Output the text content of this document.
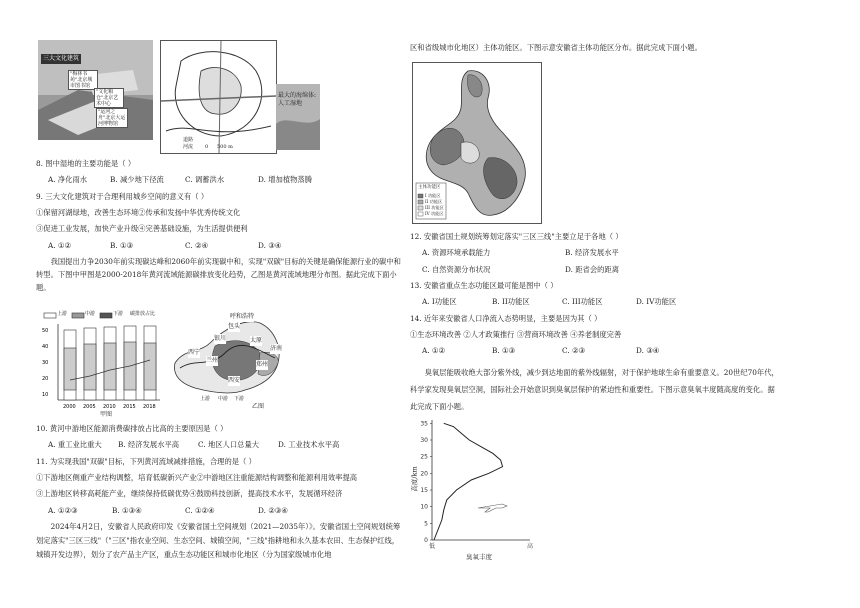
三大文化建筑
"梅林书苑"北京城市图书馆
"文化粮仓"北京艺术中心
"运河之舟"北京大运河博物馆
道路
河流 0 500 m
最大的海绵体:
人工湿地
8. 图中湿地的主要功能是（ ）
A. 净化雨水	B. 减少地下径流	C. 调蓄洪水	D. 增加植物蒸腾
9. 三大文化建筑对于合理利用城乡空间的意义有（ ）
①保留河湖绿地，改善生态环境②传承和发扬中华优秀传统文化
③促进工业发展，加快产业升级④完善基础设施，为生活提供便利
A. ①②	B. ①③	C. ②④	D. ③④
我国提出力争2030年前实现碳达峰和2060年前实现碳中和，实现"双碳"目标的关键是确保能源行业的碳中和转型。下图中甲图是2000-2018年黄河流域能源碳排放变化趋势，乙图是黄河流域地理分布图。据此完成下面小题。
50
40
30
20
10
2000 2005 2010 2015 2018
上游	中游	下游 碳排放占比
甲图
呼和浩特
包头
银川
兰州
西宁
太原
郑州
西安
济南
上游 中游 下游
乙图
10. 黄河中游地区能源消费碳排放占比高的主要原因是（ ）
A. 重工业比重大 B. 经济发展水平高	C. 地区人口总量大	D. 工业技术水平高
11. 为实现我国"双碳"目标，下列黄河流域减排措施，合理的是（ ）
①下游地区侧重产业结构调整，培育低碳新兴产业②中游地区注重能源结构调整和能源利用效率提高
③上游地区转移高耗能产业，继续保持低碳优势④鼓励科技创新，提高技术水平，发展循环经济
A. ①②③	B. ①③④	C. ①②④	D. ②③④
2024年4月2日，安徽省人民政府印发《安徽省国土空间规划（2021—2035年）》。安徽省国土空间规划统筹划定落实"三区三线"（"三区"指农业空间、生态空间、城镇空间，"三线"指耕地和永久基本农田、生态保护红线，城镇开发边界），划分了农产品主产区，重点生态功能区和城市化地区（分为国家级城市化地
区和省级城市化地区）主体功能区。下图示意安徽省主体功能区分布。据此完成下面小题。
主体功能区
I 功能区
II 功能区
III 功能区
IV 功能区
12. 安徽省国土规划统筹划定落实"三区三线"主要立足于各地（ ）
A. 资源环境承载能力	B. 经济发展水平
C. 自然资源分布状况	D. 距省会的距离
13. 安徽省重点生态功能区最可能是图中（ ）
A. I功能区	B. II功能区	C. III功能区	D. IV功能区
14. 近年来安徽省人口净流入态势明显，主要是因为其（ ）
①生态环境改善 ②人才政策推行 ③营商环境改善 ④养老制度完善
A. ①②	B. ①③	C. ②③	D. ③④
臭氧层能吸收绝大部分紫外线，减少到达地面的紫外线辐射，对于保护地球生命有重要意义。20世纪70年代，科学家发现臭氧层空洞，国际社会开始意识到臭氧层保护的紧迫性和重要性。下图示意臭氧丰度随高度的变化。据此完成下面小题。
0
5
10
15
20
25
30
35
低	高
高度/km
臭氧丰度
